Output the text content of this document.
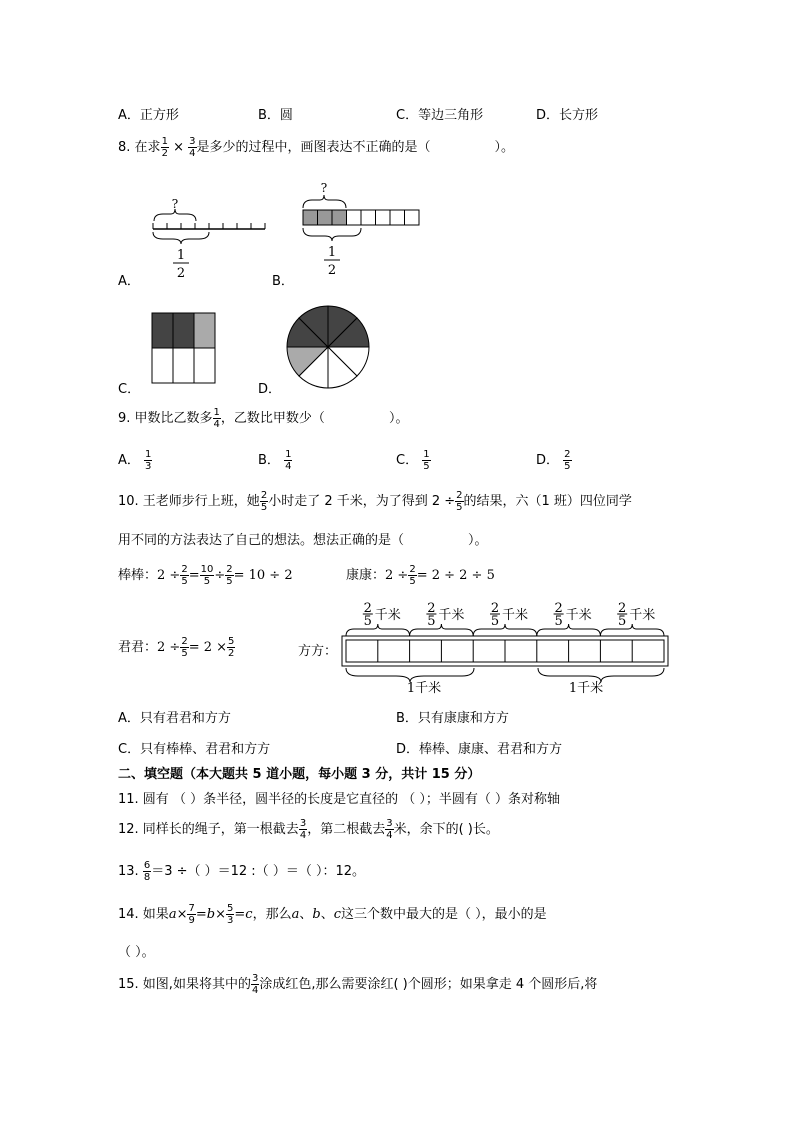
A．正方形	B．圆	C．等边三角形	D．长方形
8. 在求 $\frac{1}{2} \times \frac{3}{4}$ 是多少的过程中，画图表达不正确的是（	）。
?
1
2
A．
?
1
2
B．
C．	D．
9. 甲数比乙数多 $\frac{1}{4}$ ，乙数比甲数少（	）。
A． $\frac{1}{3}$	B． $\frac{1}{4}$	C． $\frac{1}{5}$	D． $\frac{2}{5}$
10. 王老师步行上班，她 $\frac{2}{5}$ 小时走了 2 千米，为了得到 $2 \div \frac{2}{5}$ 的结果，六（1 班）四位同学
用不同的方法表达了自己的想法。想法正确的是（	）。
棒棒：$2 \div \frac{2}{5} = \frac{10}{5} \div \frac{2}{5} = 10 \div 2$	康康：$2 \div \frac{2}{5} = 2 \div 2 \div 5$
君君：$2 \div \frac{2}{5} = 2 \times \frac{5}{2}$	方方：
2
5 千米 2
5 千米 2
5 千米 2
5 千米 2
5 千米
1千米	1千米
A．只有君君和方方	B．只有康康和方方
C．只有棒棒、君君和方方	D．棒棒、康康、君君和方方
二、填空题（本大题共 5 道小题，每小题 3 分，共计 15 分）
11. 圆有 （ ）条半径，圆半径的长度是它直径的 （ ）；半圆有（ ）条对称轴
12. 同样长的绳子，第一根截去 $\frac{3}{4}$ ，第二根截去 $\frac{3}{4}$ 米，余下的( )长。
13. $\frac{6}{8} =3$ ÷（ ）＝12 :（ ）＝（ ）：12。
14. 如果$a\times \frac{7}{9} =b\times \frac{5}{3} =c$，那么a、b、c这三个数中最大的是（ ），最小的是
（ ）。
15. 如图,如果将其中的 $\frac{3}{4}$ 涂成红色,那么需要涂红( )个圆形；如果拿走 4 个圆形后,将
